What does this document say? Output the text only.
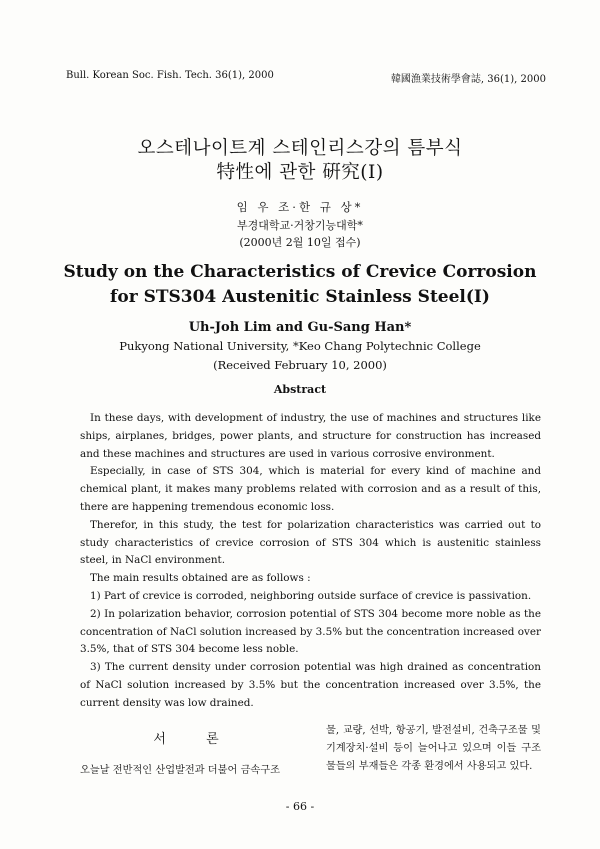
Bull. Korean Soc. Fish. Tech. 36(1), 2000	韓國漁業技術學會誌, 36(1), 2000
오스테나이트계 스테인리스강의 틈부식
特性에 관한 硏究(Ⅰ)
임 우 조·한 규 상*
부경대학교·거창기능대학*
(2000년 2월 10일 접수)
Study on the Characteristics of Crevice Corrosion
for STS304 Austenitic Stainless Steel(Ⅰ)
Uh-Joh Lim and Gu-Sang Han*
Pukyong National University, *Keo Chang Polytechnic College
(Received February 10, 2000)
Abstract

In these days, with development of industry, the use of machines and structures like ships, airplanes, bridges, power plants, and structure for construction has increased and these machines and structures are used in various corrosive environment.

Especially, in case of STS 304, which is material for every kind of machine and chemical plant, it makes many problems related with corrosion and as a result of this, there are happening tremendous economic loss.

Therefor, in this study, the test for polarization characteristics was carried out to study characteristics of crevice corrosion of STS 304 which is austenitic stainless steel, in NaCl environment.

The main results obtained are as follows :

1) Part of crevice is corroded, neighboring outside surface of crevice is passivation.

2) In polarization behavior, corrosion potential of STS 304 become more noble as the concentration of NaCl solution increased by 3.5% but the concentration increased over 3.5%, that of STS 304 become less noble.

3) The current density under corrosion potential was high drained as concentration of NaCl solution increased by 3.5% but the concentration increased over 3.5%, the current density was low drained.

서 론
오늘날 전반적인 산업발전과 더불어 금속구조
물, 교량, 선박, 항공기, 발전설비, 건축구조물 및 기계장치·설비 등이 늘어나고 있으며 이들 구조물들의 부재들은 각종 환경에서 사용되고 있다.
- 66 -
